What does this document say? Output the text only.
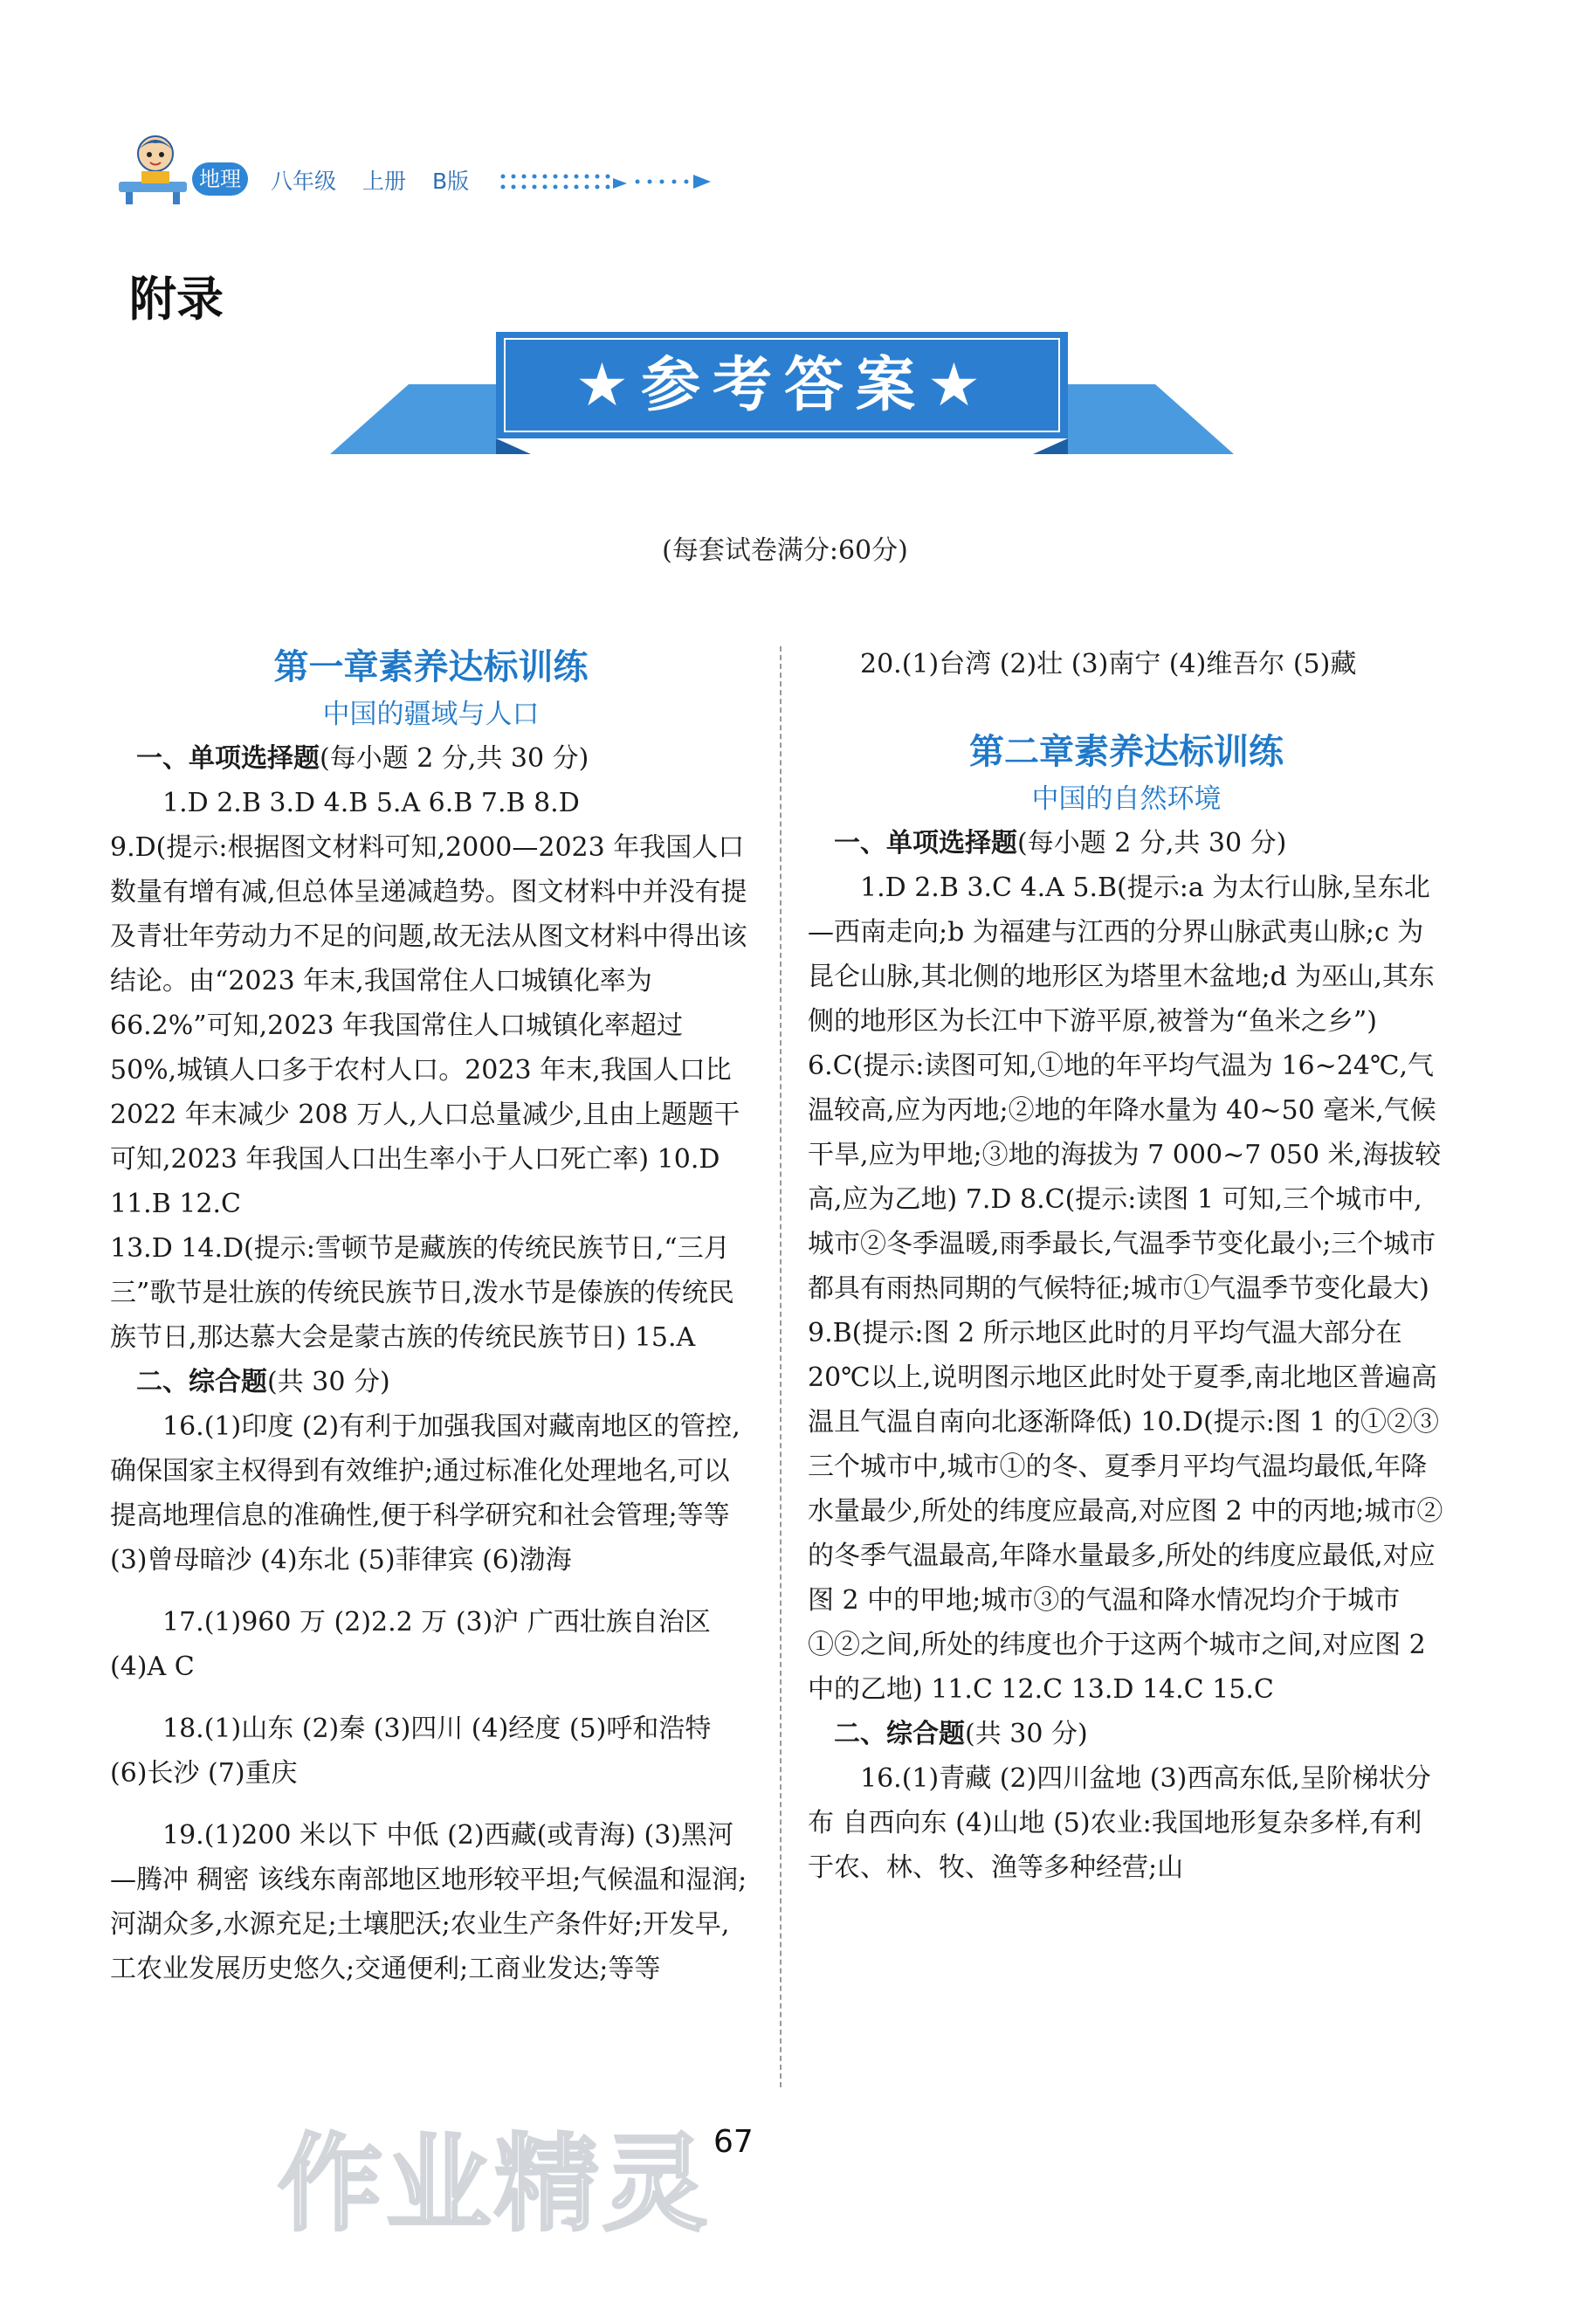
地理	八年级 上册 B版
附录
★参考答案★
(每套试卷满分:60分)

第一章素养达标训练

中国的疆域与人口

一、单项选择题(每小题 2 分,共 30 分)

1.D 2.B 3.D 4.B 5.A 6.B 7.B 8.D

9.D(提示:根据图文材料可知,2000—2023 年我国人口数量有增有减,但总体呈递减趋势。图文材料中并没有提及青壮年劳动力不足的问题,故无法从图文材料中得出该结论。由“2023 年末,我国常住人口城镇化率为 66.2%”可知,2023 年我国常住人口城镇化率超过 50%,城镇人口多于农村人口。2023 年末,我国人口比 2022 年末减少 208 万人,人口总量减少,且由上题题干可知,2023 年我国人口出生率小于人口死亡率) 10.D 11.B 12.C

13.D 14.D(提示:雪顿节是藏族的传统民族节日,“三月三”歌节是壮族的传统民族节日,泼水节是傣族的传统民族节日,那达慕大会是蒙古族的传统民族节日) 15.A

二、综合题(共 30 分)

16.(1)印度 (2)有利于加强我国对藏南地区的管控,确保国家主权得到有效维护;通过标准化处理地名,可以提高地理信息的准确性,便于科学研究和社会管理;等等 (3)曾母暗沙 (4)东北 (5)菲律宾 (6)渤海

17.(1)960 万 (2)2.2 万 (3)沪 广西壮族自治区 (4)A C

18.(1)山东 (2)秦 (3)四川 (4)经度 (5)呼和浩特 (6)长沙 (7)重庆

19.(1)200 米以下 中低 (2)西藏(或青海) (3)黑河—腾冲 稠密 该线东南部地区地形较平坦;气候温和湿润;河湖众多,水源充足;土壤肥沃;农业生产条件好;开发早,工农业发展历史悠久;交通便利;工商业发达;等等

20.(1)台湾 (2)壮 (3)南宁 (4)维吾尔 (5)藏

第二章素养达标训练

中国的自然环境

一、单项选择题(每小题 2 分,共 30 分)

1.D 2.B 3.C 4.A 5.B(提示:a 为太行山脉,呈东北—西南走向;b 为福建与江西的分界山脉武夷山脉;c 为昆仑山脉,其北侧的地形区为塔里木盆地;d 为巫山,其东侧的地形区为长江中下游平原,被誉为“鱼米之乡”) 6.C(提示:读图可知,①地的年平均气温为 16~24℃,气温较高,应为丙地;②地的年降水量为 40~50 毫米,气候干旱,应为甲地;③地的海拔为 7 000~7 050 米,海拔较高,应为乙地) 7.D 8.C(提示:读图 1 可知,三个城市中,城市②冬季温暖,雨季最长,气温季节变化最小;三个城市都具有雨热同期的气候特征;城市①气温季节变化最大) 9.B(提示:图 2 所示地区此时的月平均气温大部分在 20℃以上,说明图示地区此时处于夏季,南北地区普遍高温且气温自南向北逐渐降低) 10.D(提示:图 1 的①②③三个城市中,城市①的冬、夏季月平均气温均最低,年降水量最少,所处的纬度应最高,对应图 2 中的丙地;城市②的冬季气温最高,年降水量最多,所处的纬度应最低,对应图 2 中的甲地;城市③的气温和降水情况均介于城市①②之间,所处的纬度也介于这两个城市之间,对应图 2 中的乙地) 11.C 12.C 13.D 14.C 15.C

二、综合题(共 30 分)

16.(1)青藏 (2)四川盆地 (3)西高东低,呈阶梯状分布 自西向东 (4)山地 (5)农业:我国地形复杂多样,有利于农、林、牧、渔等多种经营;山

作业精灵 67
